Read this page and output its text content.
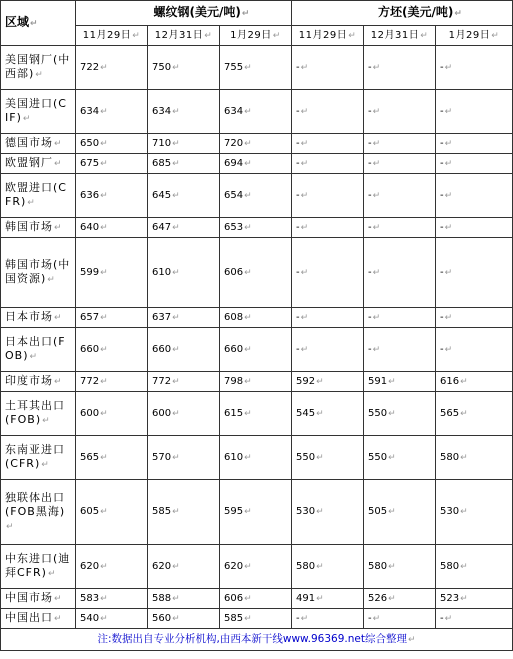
区域↵	螺纹钢(美元/吨)↵			方坯(美元/吨)↵		
	11月29日↵	12月31日↵	1月29日↵	11月29日↵	12月31日↵	1月29日↵
美国钢厂(中西部)↵	722↵	750↵	755↵	-↵	-↵	-↵
美国进口(CIF)↵	634↵	634↵	634↵	-↵	-↵	-↵
德国市场↵	650↵	710↵	720↵	-↵	-↵	-↵
欧盟钢厂↵	675↵	685↵	694↵	-↵	-↵	-↵
欧盟进口(CFR)↵	636↵	645↵	654↵	-↵	-↵	-↵
韩国市场↵	640↵	647↵	653↵	-↵	-↵	-↵
韩国市场(中国资源)↵	599↵	610↵	606↵	-↵	-↵	-↵
日本市场↵	657↵	637↵	608↵	-↵	-↵	-↵
日本出口(FOB)↵	660↵	660↵	660↵	-↵	-↵	-↵
印度市场↵	772↵	772↵	798↵	592↵	591↵	616↵
土耳其出口(FOB)↵	600↵	600↵	615↵	545↵	550↵	565↵
东南亚进口(CFR)↵	565↵	570↵	610↵	550↵	550↵	580↵
独联体出口(FOB黑海)↵	605↵	585↵	595↵	530↵	505↵	530↵
中东进口(迪拜CFR)↵	620↵	620↵	620↵	580↵	580↵	580↵
中国市场↵	583↵	588↵	606↵	491↵	526↵	523↵
中国出口↵	540↵	560↵	585↵	-↵	-↵	-↵
注:数据出自专业分析机构,由西本新干线www.96369.net综合整理↵						
